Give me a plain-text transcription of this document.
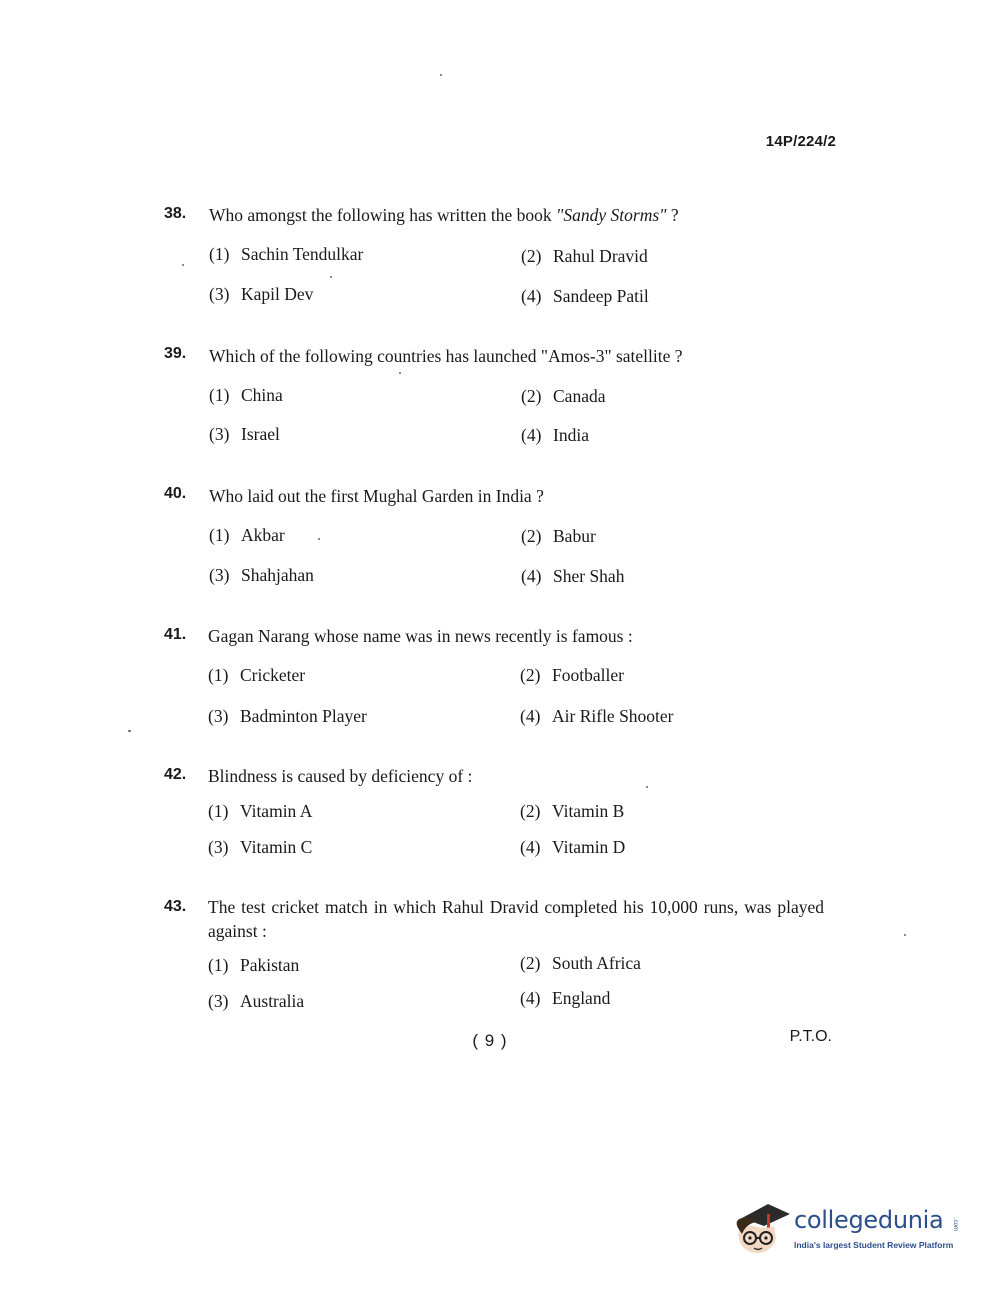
14P/224/2
38.	Who amongst the following has written the book "Sandy Storms" ?
(1) Sachin Tendulkar	(2) Rahul Dravid
(3) Kapil Dev	(4) Sandeep Patil
39.	Which of the following countries has launched "Amos-3" satellite ?
(1) China	(2) Canada
(3) Israel	(4) India
40.	Who laid out the first Mughal Garden in India ?
(1) Akbar	(2) Babur
(3) Shahjahan	(4) Sher Shah
41.	Gagan Narang whose name was in news recently is famous :
(1) Cricketer	(2) Footballer
(3) Badminton Player	(4) Air Rifle Shooter
42.	Blindness is caused by deficiency of :
(1) Vitamin A	(2) Vitamin B
(3) Vitamin C	(4) Vitamin D
43.	The test cricket match in which Rahul Dravid completed his 10,000 runs, was played against :
(1) Pakistan	(2) South Africa
(3) Australia	(4) England
( 9 )	P.T.O.
collegedunia .com
India's largest Student Review Platform
